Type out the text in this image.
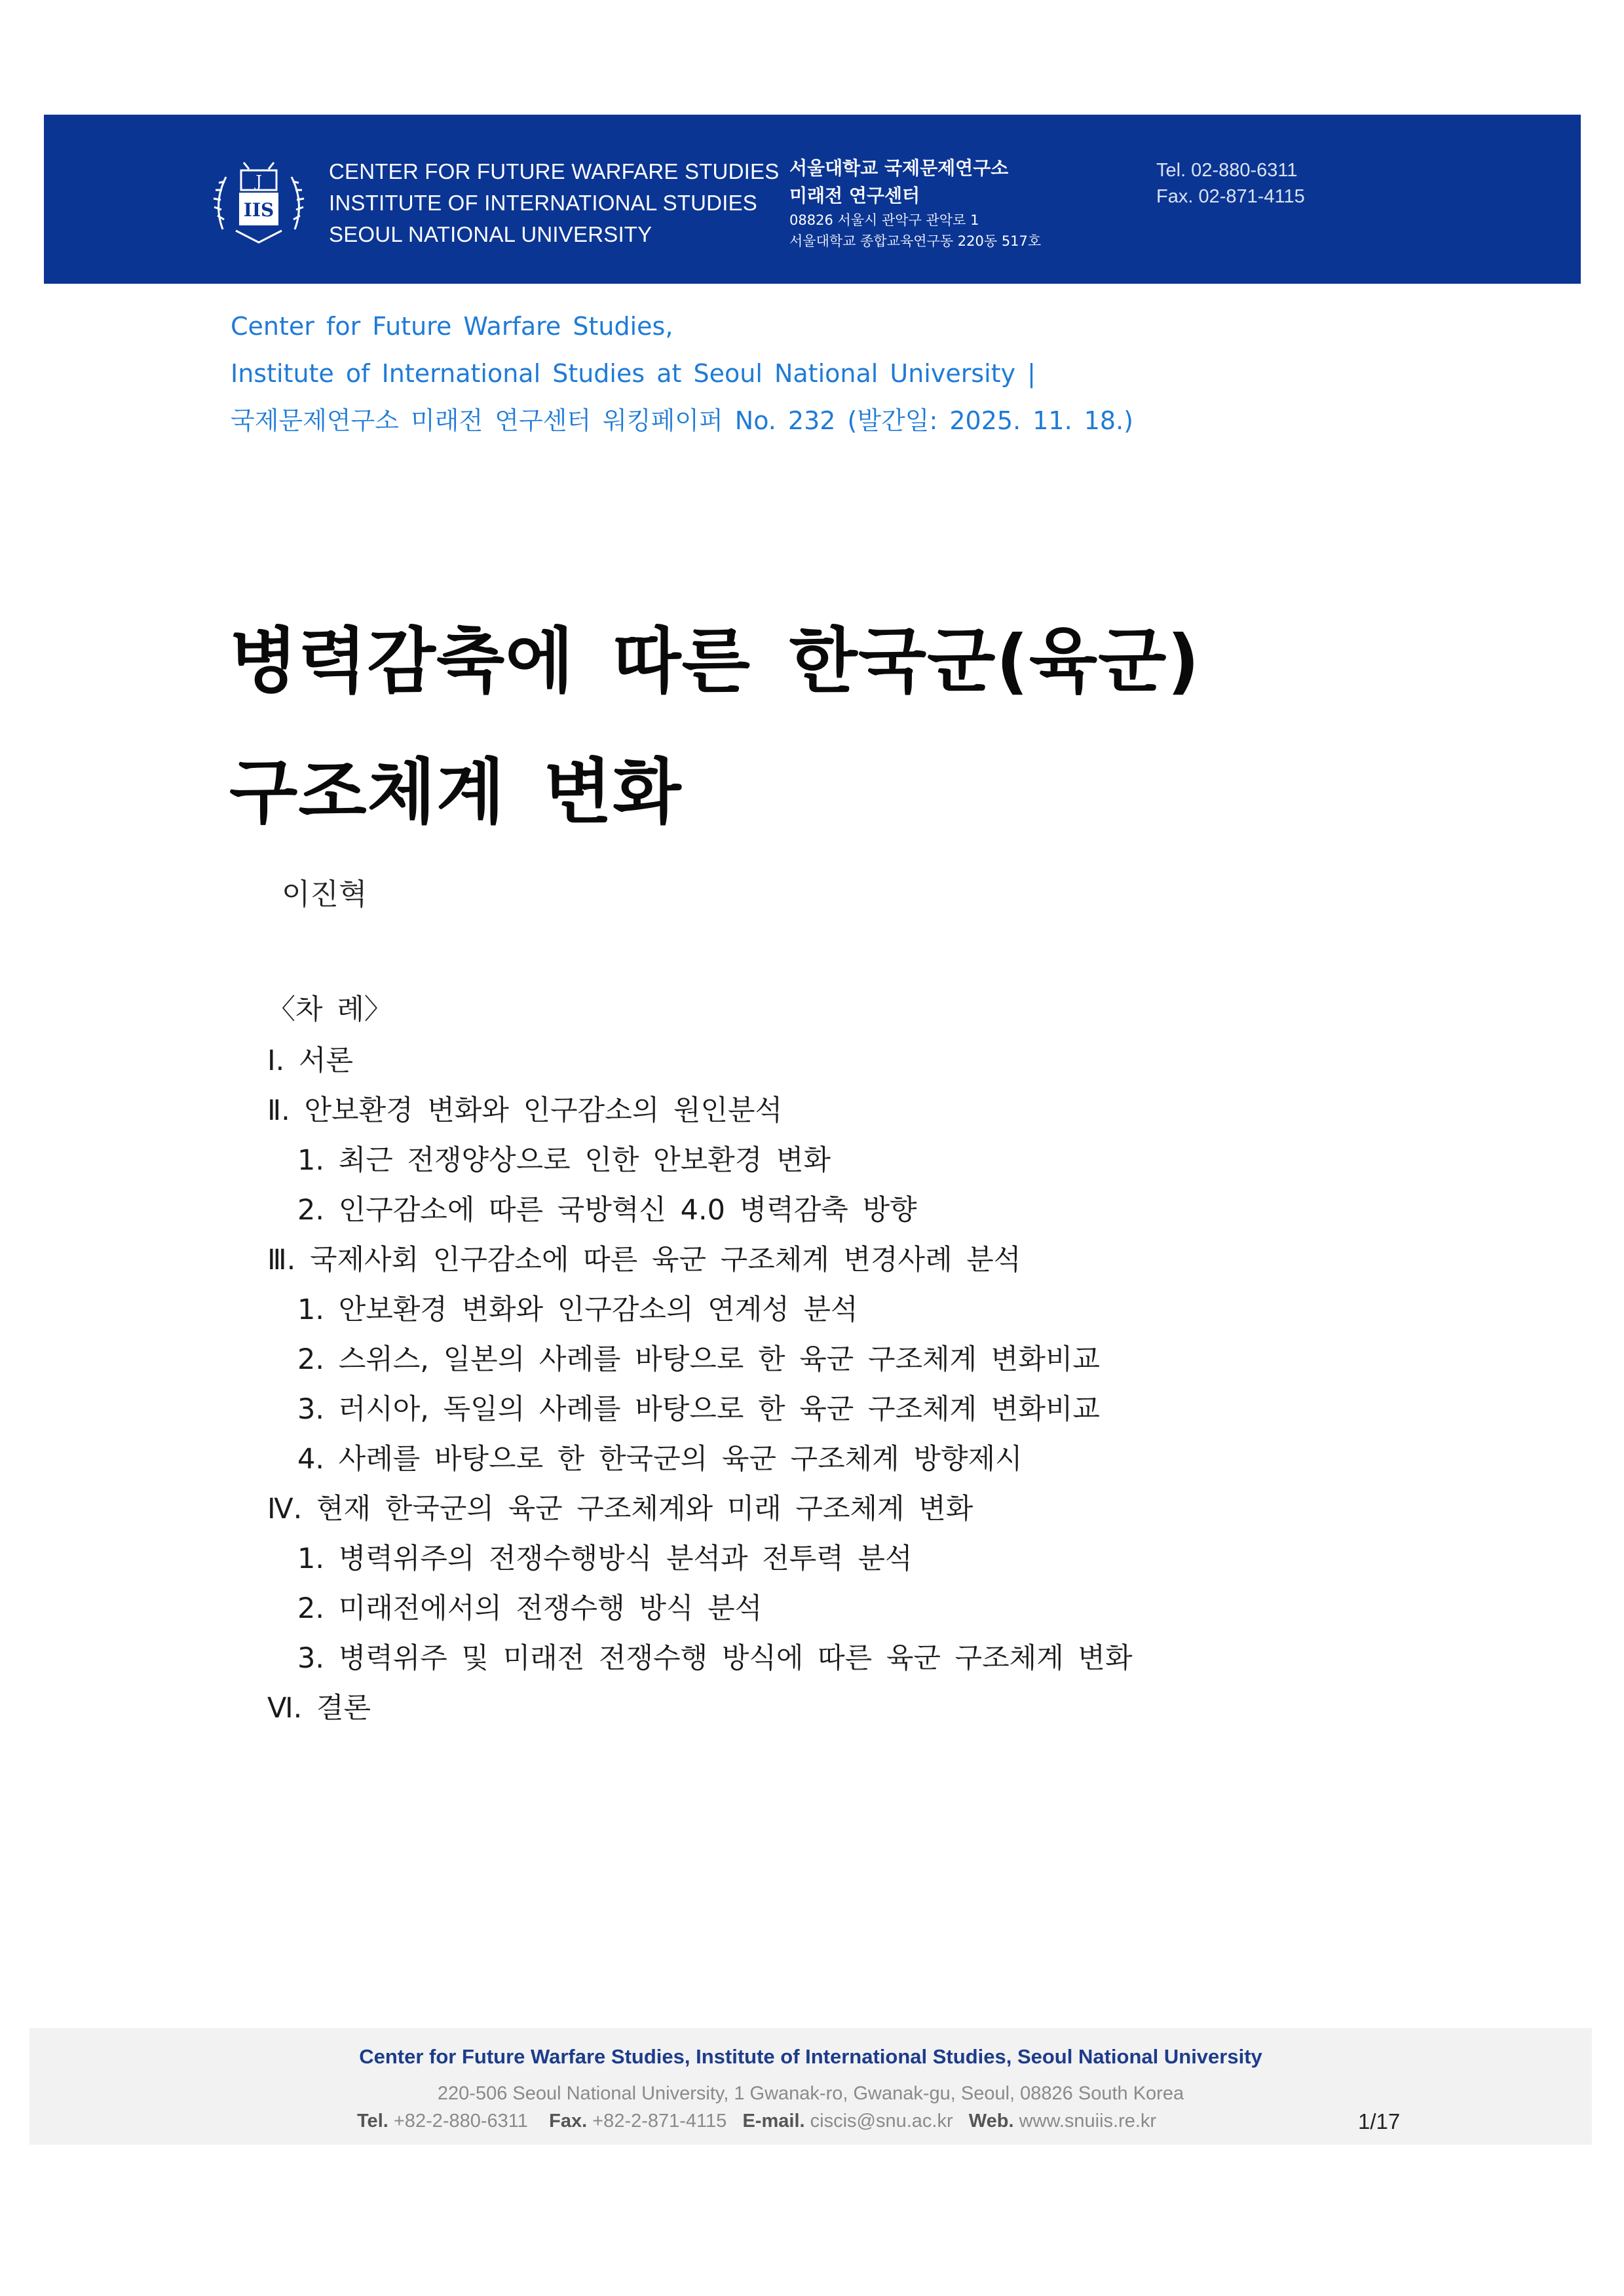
J
IIS
CENTER FOR FUTURE WARFARE STUDIES
INSTITUTE OF INTERNATIONAL STUDIES
SEOUL NATIONAL UNIVERSITY
서울대학교 국제문제연구소
미래전 연구센터
08826 서울시 관악구 관악로 1
서울대학교 종합교육연구동 220동 517호
Tel. 02-880-6311
Fax. 02-871-4115
Center for Future Warfare Studies,
Institute of International Studies at Seoul National University |
국제문제연구소 미래전 연구센터 워킹페이퍼 No. 232 (발간일: 2025. 11. 18.)
병력감축에 따른 한국군(육군)
구조체계 변화
이진혁
〈차 례〉
Ⅰ. 서론
Ⅱ. 안보환경 변화와 인구감소의 원인분석
1. 최근 전쟁양상으로 인한 안보환경 변화
2. 인구감소에 따른 국방혁신 4.0 병력감축 방향
Ⅲ. 국제사회 인구감소에 따른 육군 구조체계 변경사례 분석
1. 안보환경 변화와 인구감소의 연계성 분석
2. 스위스, 일본의 사례를 바탕으로 한 육군 구조체계 변화비교
3. 러시아, 독일의 사례를 바탕으로 한 육군 구조체계 변화비교
4. 사례를 바탕으로 한 한국군의 육군 구조체계 방향제시
Ⅳ. 현재 한국군의 육군 구조체계와 미래 구조체계 변화
1. 병력위주의 전쟁수행방식 분석과 전투력 분석
2. 미래전에서의 전쟁수행 방식 분석
3. 병력위주 및 미래전 전쟁수행 방식에 따른 육군 구조체계 변화
Ⅵ. 결론
Center for Future Warfare Studies, Institute of International Studies, Seoul National University
220-506 Seoul National University, 1 Gwanak-ro, Gwanak-gu, Seoul, 08826 South Korea
Tel. +82-2-880-6311 Fax. +82-2-871-4115 E-mail. ciscis@snu.ac.kr Web. www.snuiis.re.kr	1/17
